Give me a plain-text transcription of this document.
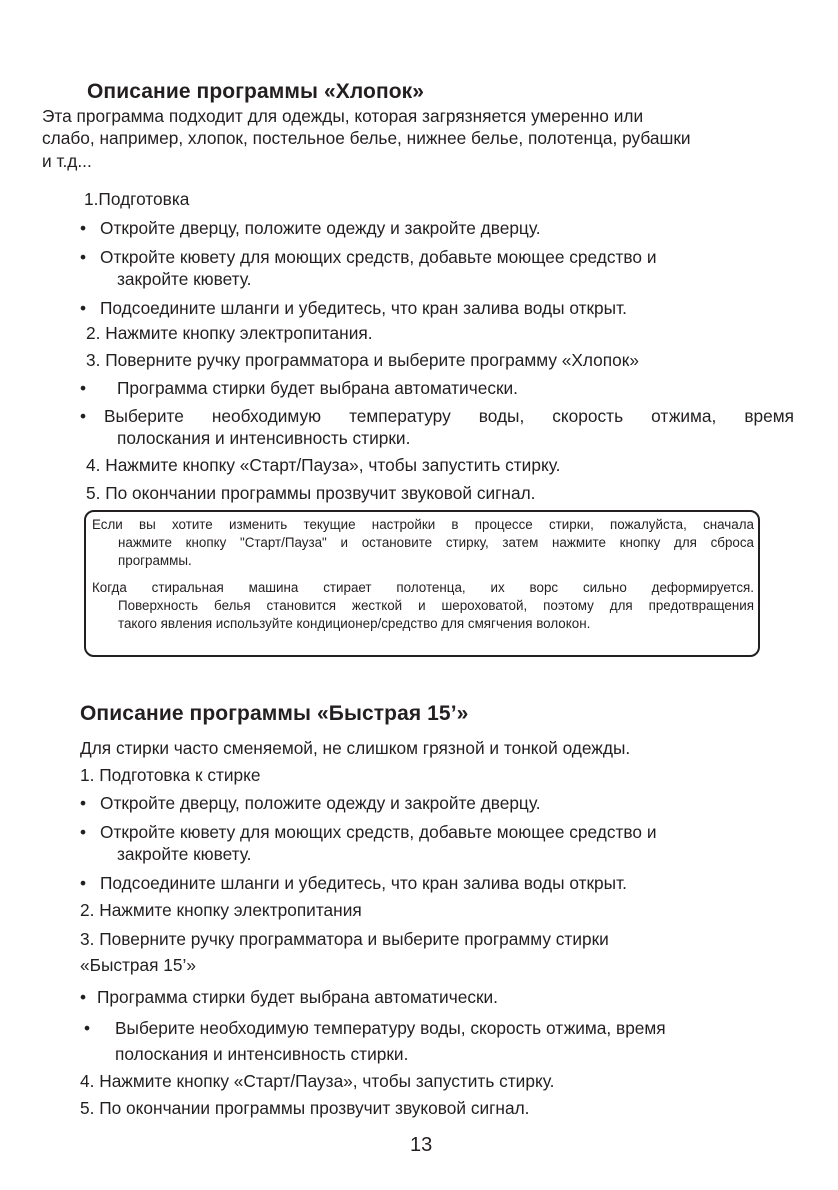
Описание программы «Хлопок»
Эта программа подходит для одежды, которая загрязняется умеренно или
слабо, например, хлопок, постельное белье, нижнее белье, полотенца, рубашки
и т.д...
1.Подготовка
• Откройте дверцу, положите одежду и закройте дверцу.
• Откройте кювету для моющих средств, добавьте моющее средство и
закройте кювету.
• Подсоедините шланги и убедитесь, что кран залива воды открыт.
2. Нажмите кнопку электропитания.
3. Поверните ручку программатора и выберите программу «Хлопок»
• Программа стирки будет выбрана автоматически.
• Выберите необходимую температуру воды, скорость отжима, время
полоскания и интенсивность стирки.
4. Нажмите кнопку «Старт/Пауза», чтобы запустить стирку.
5. По окончании программы прозвучит звуковой сигнал.
Если вы хотите изменить текущие настройки в процессе стирки, пожалуйста, сначала
нажмите кнопку "Старт/Пауза" и остановите стирку, затем нажмите кнопку для сброса
программы.
Когда стиральная машина стирает полотенца, их ворс сильно деформируется.
Поверхность белья становится жесткой и шероховатой, поэтому для предотвращения
такого явления используйте кондиционер/средство для смягчения волокон.
Описание программы «Быстрая 15’»
Для стирки часто сменяемой, не слишком грязной и тонкой одежды.
1. Подготовка к стирке
• Откройте дверцу, положите одежду и закройте дверцу.
• Откройте кювету для моющих средств, добавьте моющее средство и
закройте кювету.
• Подсоедините шланги и убедитесь, что кран залива воды открыт.
2. Нажмите кнопку электропитания
3. Поверните ручку программатора и выберите программу стирки
«Быстрая 15’»
• Программа стирки будет выбрана автоматически.
• Выберите необходимую температуру воды, скорость отжима, время
полоскания и интенсивность стирки.
4. Нажмите кнопку «Старт/Пауза», чтобы запустить стирку.
5. По окончании программы прозвучит звуковой сигнал.
13
